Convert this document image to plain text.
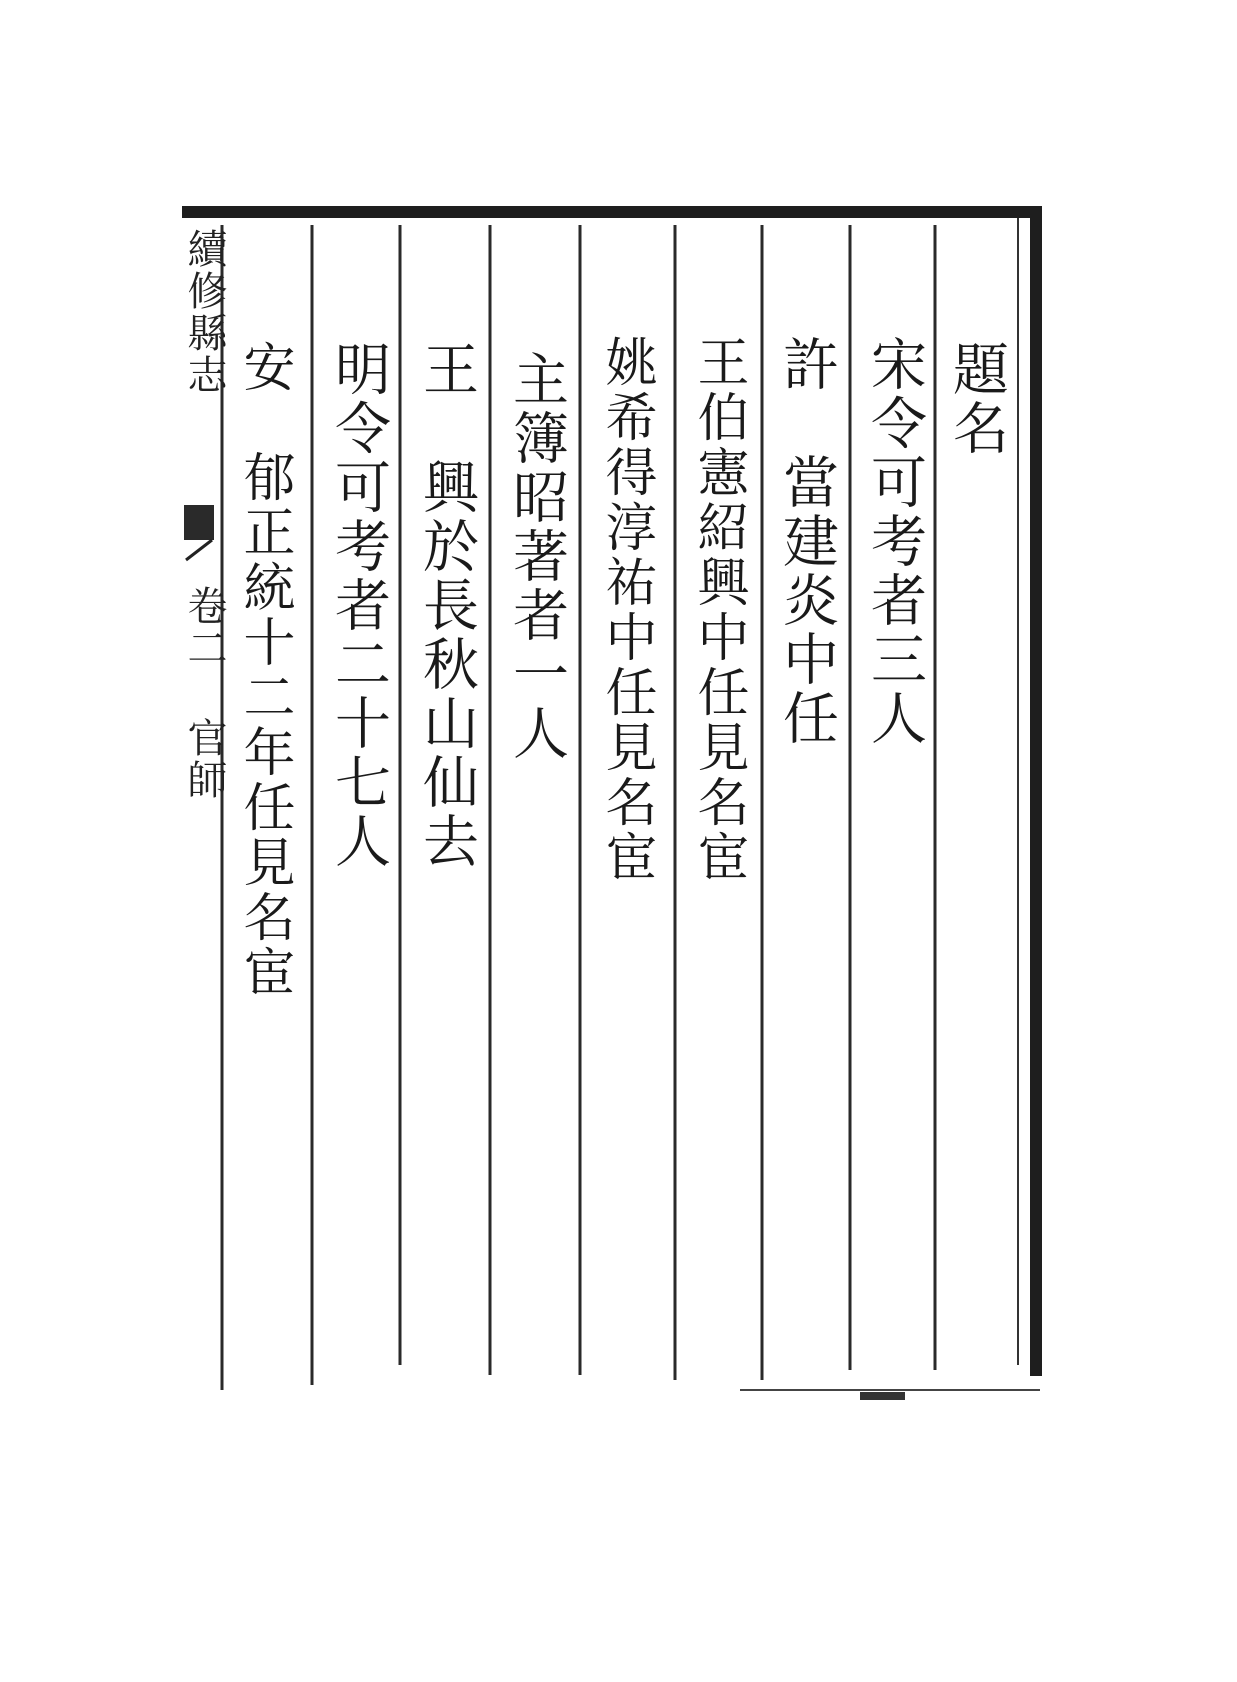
續修縣志
卷二 官師
題名
宋令可考者三人
許　當建炎中任
王伯憲紹興中任見名宦
姚希得淳祐中任見名宦
主簿昭著者一人
王　興於長秋山仙去
明令可考者二十七人
安　郁正統十二年任見名宦
